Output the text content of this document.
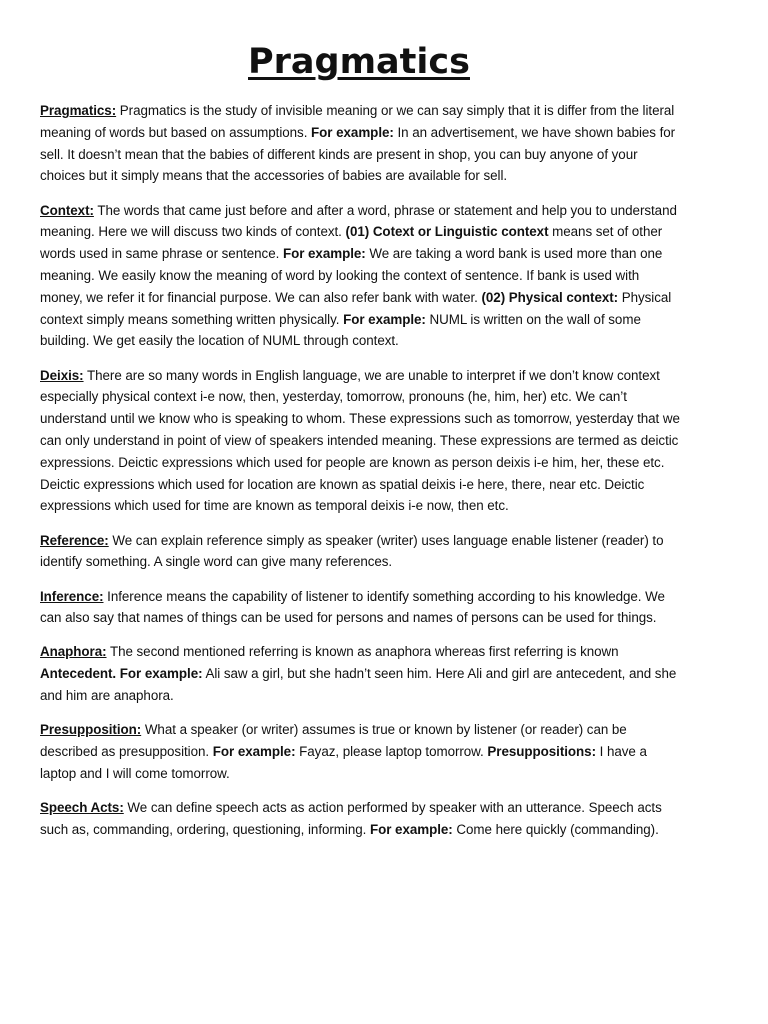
Pragmatics

Pragmatics: Pragmatics is the study of invisible meaning or we can say simply that it is differ from the literal meaning of words but based on assumptions. For example: In an advertisement, we have shown babies for sell. It doesn’t mean that the babies of different kinds are present in shop, you can buy anyone of your choices but it simply means that the accessories of babies are available for sell.

Context: The words that came just before and after a word, phrase or statement and help you to understand meaning. Here we will discuss two kinds of context. (01) Cotext or Linguistic context means set of other words used in same phrase or sentence. For example: We are taking a word bank is used more than one meaning. We easily know the meaning of word by looking the context of sentence. If bank is used with money, we refer it for financial purpose. We can also refer bank with water. (02) Physical context: Physical context simply means something written physically. For example: NUML is written on the wall of some building. We get easily the location of NUML through context.

Deixis: There are so many words in English language, we are unable to interpret if we don’t know context especially physical context i-e now, then, yesterday, tomorrow, pronouns (he, him, her) etc. We can’t understand until we know who is speaking to whom. These expressions such as tomorrow, yesterday that we can only understand in point of view of speakers intended meaning. These expressions are termed as deictic expressions. Deictic expressions which used for people are known as person deixis i-e him, her, these etc. Deictic expressions which used for location are known as spatial deixis i-e here, there, near etc. Deictic expressions which used for time are known as temporal deixis i-e now, then etc.

Reference: We can explain reference simply as speaker (writer) uses language enable listener (reader) to identify something. A single word can give many references.

Inference: Inference means the capability of listener to identify something according to his knowledge. We can also say that names of things can be used for persons and names of persons can be used for things.

Anaphora: The second mentioned referring is known as anaphora whereas first referring is known Antecedent. For example: Ali saw a girl, but she hadn’t seen him. Here Ali and girl are antecedent, and she and him are anaphora.

Presupposition: What a speaker (or writer) assumes is true or known by listener (or reader) can be described as presupposition. For example: Fayaz, please laptop tomorrow. Presuppositions: I have a laptop and I will come tomorrow.

Speech Acts: We can define speech acts as action performed by speaker with an utterance. Speech acts such as, commanding, ordering, questioning, informing. For example: Come here quickly (commanding).
